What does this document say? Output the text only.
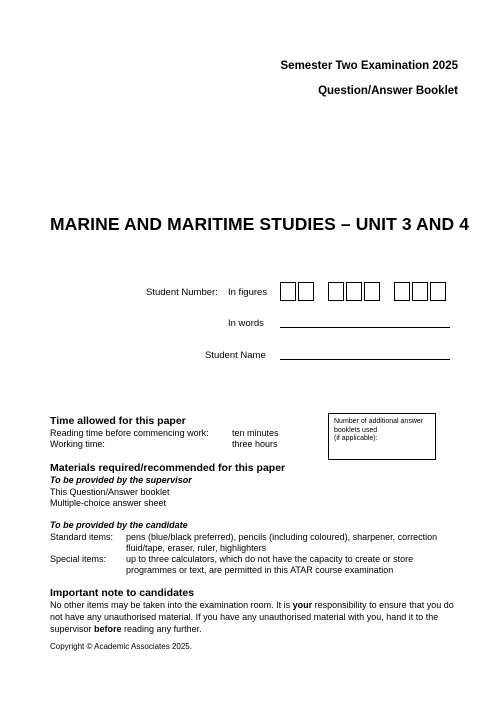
Semester Two Examination 2025
Question/Answer Booklet
MARINE AND MARITIME STUDIES – UNIT 3 AND 4
Student Number: In figures
In words
Student Name
Time allowed for this paper
Reading time before commencing work:	ten minutes
Working time:	three hours
Number of additional answer
booklets used
(if applicable):
Materials required/recommended for this paper
To be provided by the supervisor
This Question/Answer booklet
Multiple-choice answer sheet
To be provided by the candidate
Standard items: pens (blue/black preferred), pencils (including coloured), sharpener, correction
fluid/tape, eraser, ruler, highlighters
Special items: up to three calculators, which do not have the capacity to create or store
programmes or text, are permitted in this ATAR course examination
Important note to candidates
No other items may be taken into the examination room. It is your responsibility to ensure that you do not have any unauthorised material. If you have any unauthorised material with you, hand it to the supervisor before reading any further.
Copyright © Academic Associates 2025.
